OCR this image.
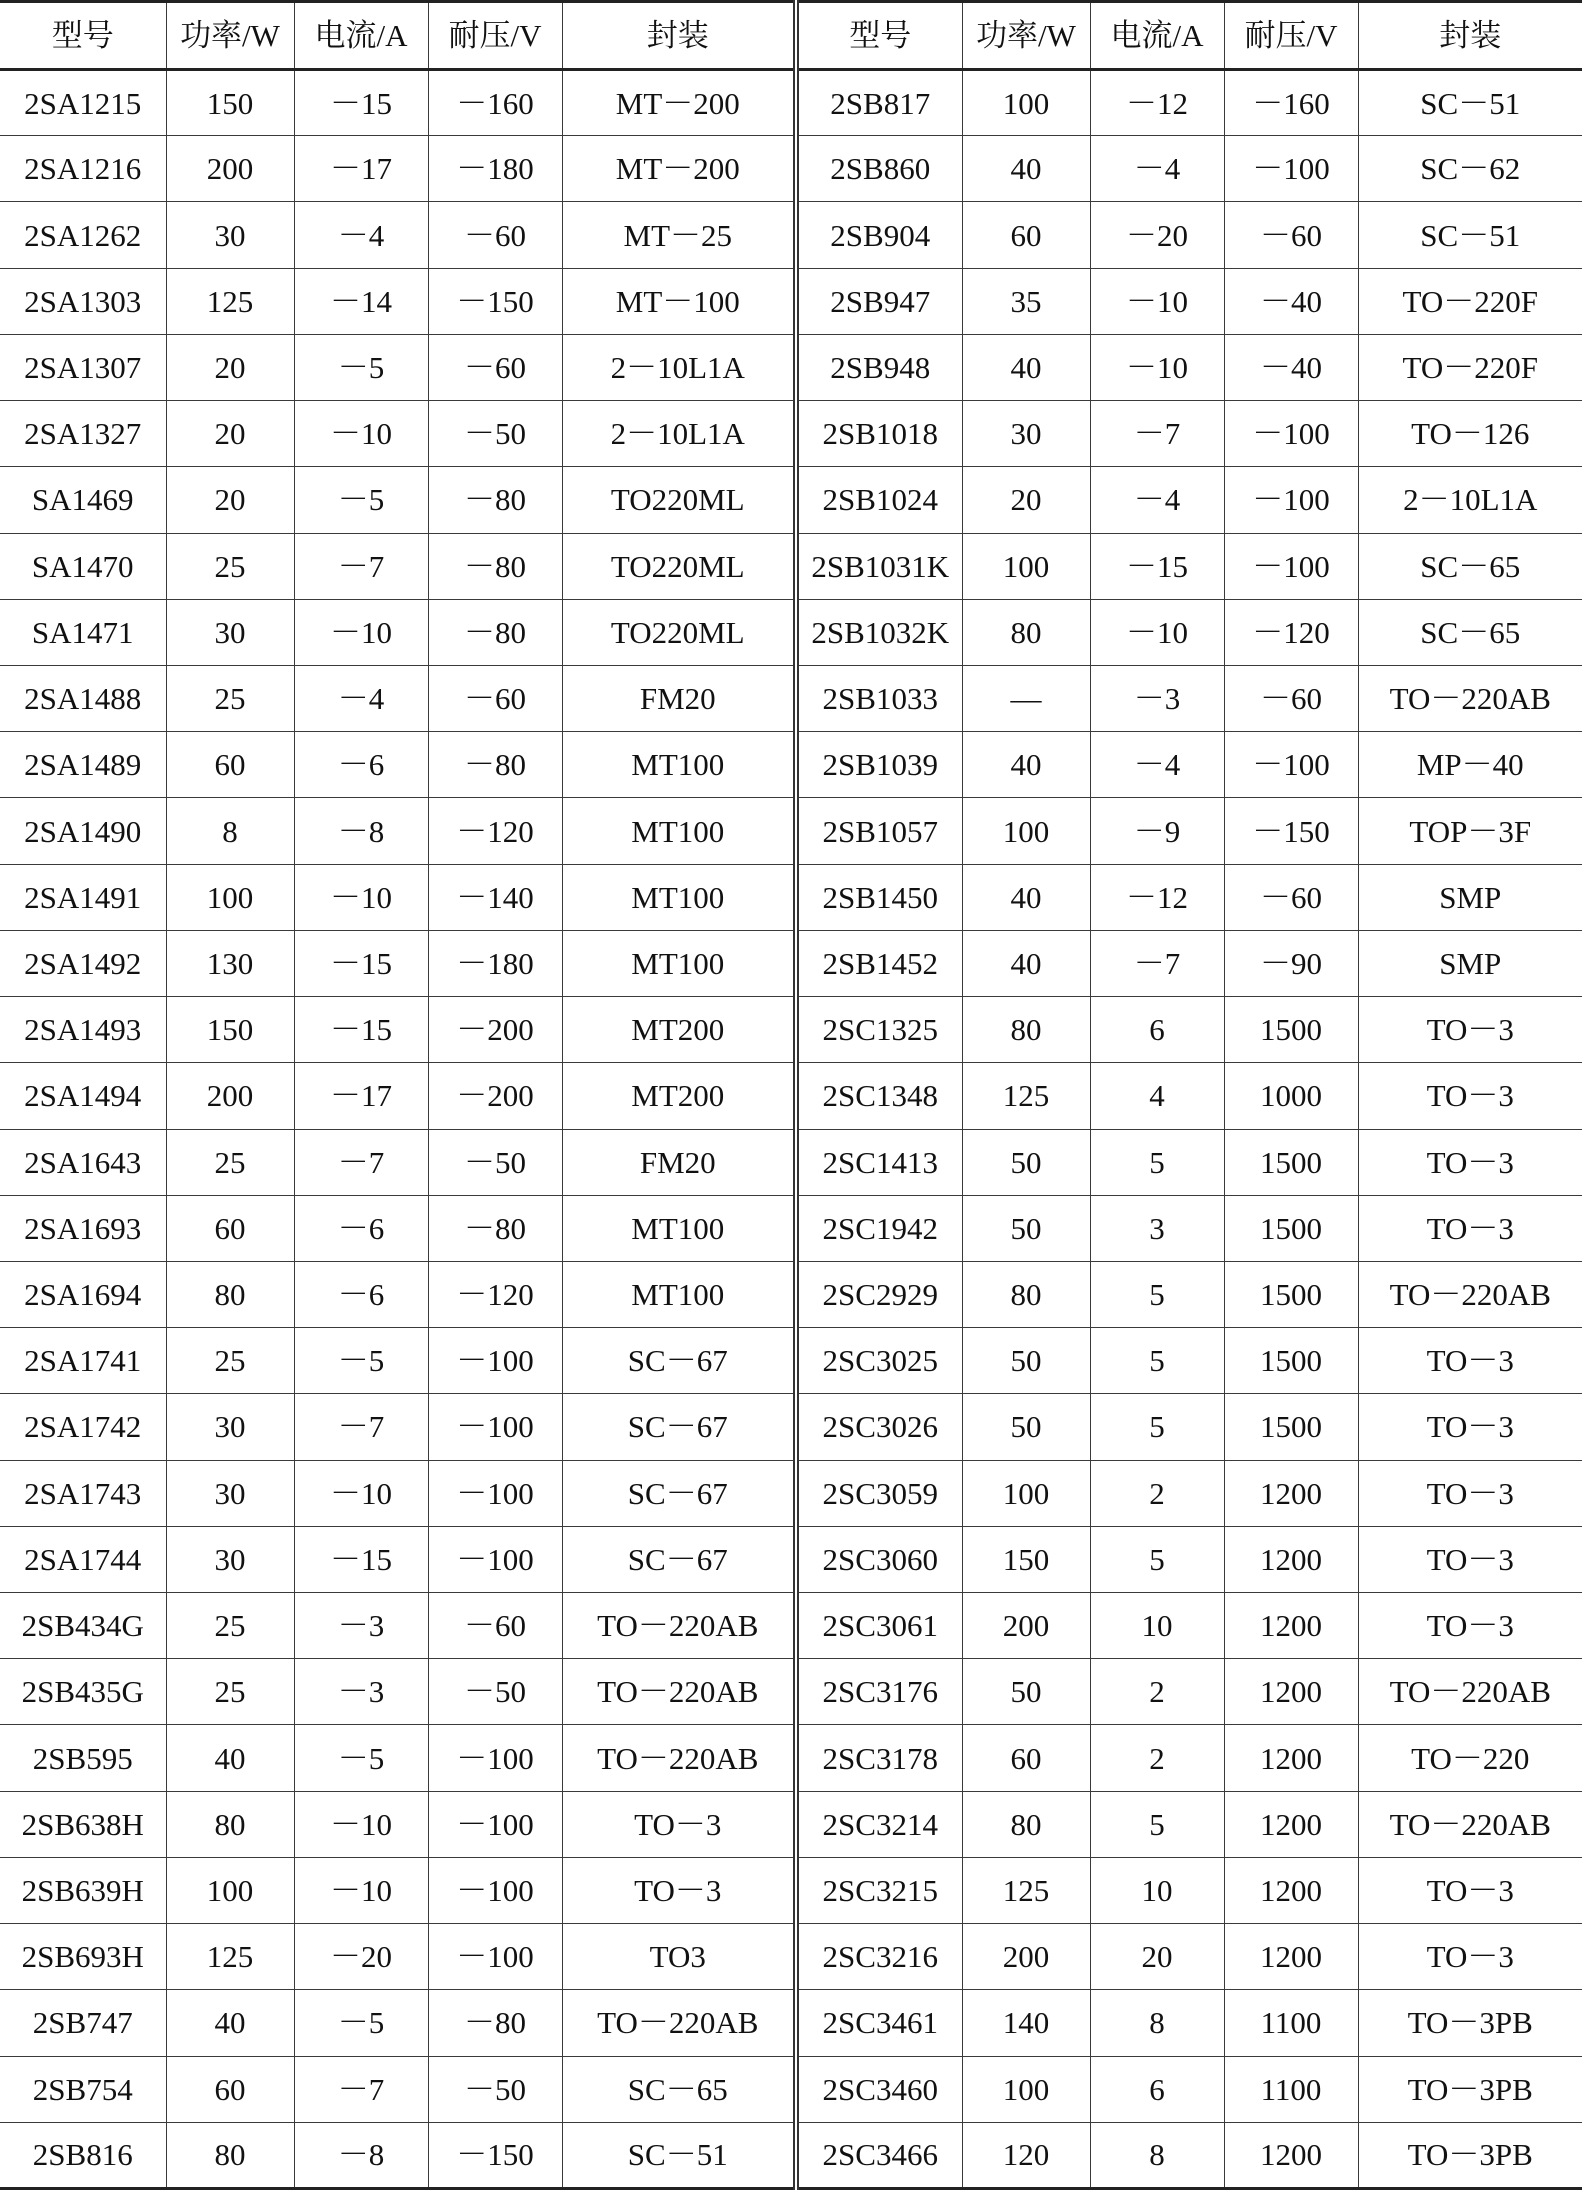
型号	功率/W	电流/A	耐压/V	封装	型号	功率/W	电流/A	耐压/V	封装
2SA1215	150	－15	－160	MT－200	2SB817	100	－12	－160	SC－51
2SA1216	200	－17	－180	MT－200	2SB860	40	－4	－100	SC－62
2SA1262	30	－4	－60	MT－25	2SB904	60	－20	－60	SC－51
2SA1303	125	－14	－150	MT－100	2SB947	35	－10	－40	TO－220F
2SA1307	20	－5	－60	2－10L1A	2SB948	40	－10	－40	TO－220F
2SA1327	20	－10	－50	2－10L1A	2SB1018	30	－7	－100	TO－126
SA1469	20	－5	－80	TO220ML	2SB1024	20	－4	－100	2－10L1A
SA1470	25	－7	－80	TO220ML	2SB1031K	100	－15	－100	SC－65
SA1471	30	－10	－80	TO220ML	2SB1032K	80	－10	－120	SC－65
2SA1488	25	－4	－60	FM20	2SB1033	—	－3	－60	TO－220AB
2SA1489	60	－6	－80	MT100	2SB1039	40	－4	－100	MP－40
2SA1490	8	－8	－120	MT100	2SB1057	100	－9	－150	TOP－3F
2SA1491	100	－10	－140	MT100	2SB1450	40	－12	－60	SMP
2SA1492	130	－15	－180	MT100	2SB1452	40	－7	－90	SMP
2SA1493	150	－15	－200	MT200	2SC1325	80	6	1500	TO－3
2SA1494	200	－17	－200	MT200	2SC1348	125	4	1000	TO－3
2SA1643	25	－7	－50	FM20	2SC1413	50	5	1500	TO－3
2SA1693	60	－6	－80	MT100	2SC1942	50	3	1500	TO－3
2SA1694	80	－6	－120	MT100	2SC2929	80	5	1500	TO－220AB
2SA1741	25	－5	－100	SC－67	2SC3025	50	5	1500	TO－3
2SA1742	30	－7	－100	SC－67	2SC3026	50	5	1500	TO－3
2SA1743	30	－10	－100	SC－67	2SC3059	100	2	1200	TO－3
2SA1744	30	－15	－100	SC－67	2SC3060	150	5	1200	TO－3
2SB434G	25	－3	－60	TO－220AB	2SC3061	200	10	1200	TO－3
2SB435G	25	－3	－50	TO－220AB	2SC3176	50	2	1200	TO－220AB
2SB595	40	－5	－100	TO－220AB	2SC3178	60	2	1200	TO－220
2SB638H	80	－10	－100	TO－3	2SC3214	80	5	1200	TO－220AB
2SB639H	100	－10	－100	TO－3	2SC3215	125	10	1200	TO－3
2SB693H	125	－20	－100	TO3	2SC3216	200	20	1200	TO－3
2SB747	40	－5	－80	TO－220AB	2SC3461	140	8	1100	TO－3PB
2SB754	60	－7	－50	SC－65	2SC3460	100	6	1100	TO－3PB
2SB816	80	－8	－150	SC－51	2SC3466	120	8	1200	TO－3PB
